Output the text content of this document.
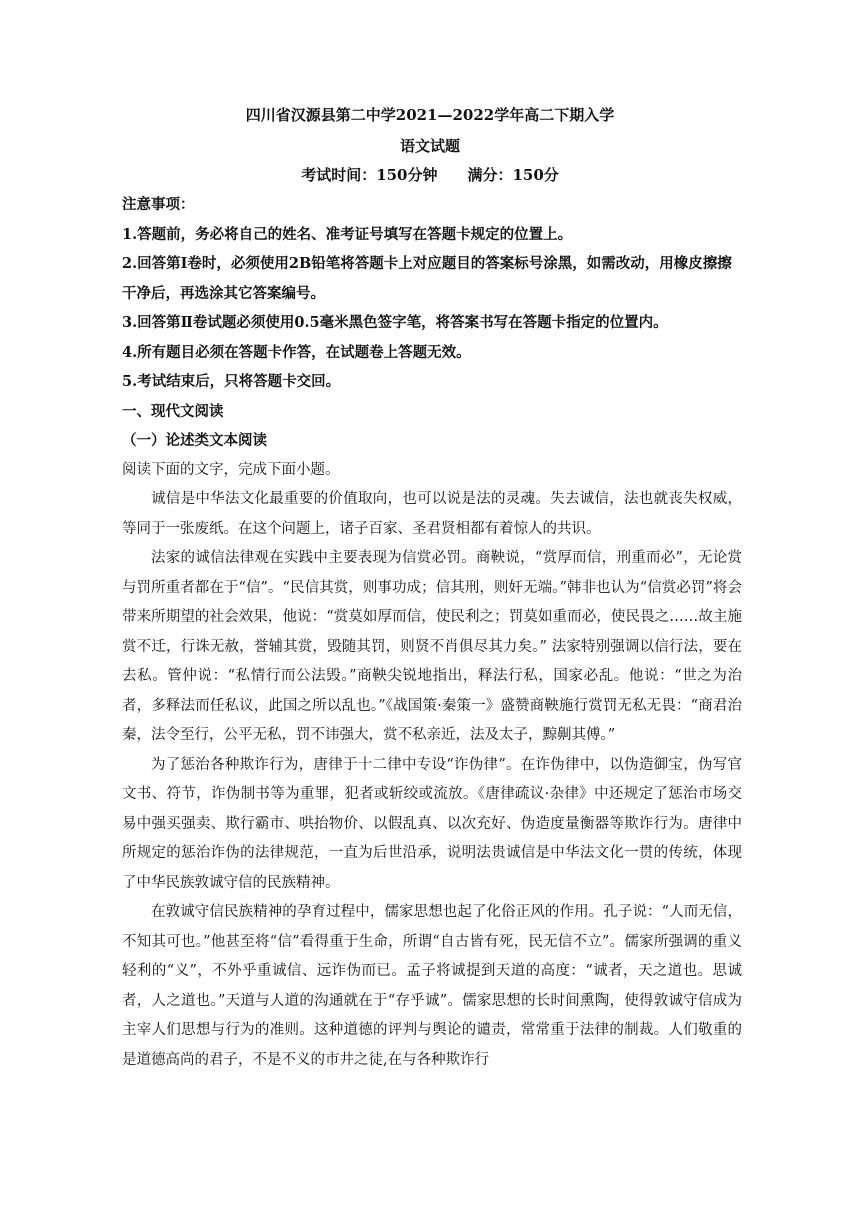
四川省汉源县第二中学2021—2022学年高二下期入学
语文试题
考试时间：150分钟 满分：150分

注意事项：

1.答题前，务必将自己的姓名、准考证号填写在答题卡规定的位置上。

2.回答第Ⅰ卷时，必须使用2B铅笔将答题卡上对应题目的答案标号涂黑，如需改动，用橡皮擦擦干净后，再选涂其它答案编号。

3.回答第Ⅱ卷试题必须使用0.5毫米黑色签字笔，将答案书写在答题卡指定的位置内。

4.所有题目必须在答题卡作答，在试题卷上答题无效。

5.考试结束后，只将答题卡交回。

一、现代文阅读

（一）论述类文本阅读

阅读下面的文字，完成下面小题。

诚信是中华法文化最重要的价值取向，也可以说是法的灵魂。失去诚信，法也就丧失权威，等同于一张废纸。在这个问题上，诸子百家、圣君贤相都有着惊人的共识。

法家的诚信法律观在实践中主要表现为信赏必罚。商鞅说，“赏厚而信，刑重而必”，无论赏与罚所重者都在于“信”。“民信其赏，则事功成；信其刑，则奸无端。”韩非也认为“信赏必罚”将会带来所期望的社会效果，他说：“赏莫如厚而信，使民利之；罚莫如重而必，使民畏之……故主施赏不迁，行诛无赦，誉辅其赏，毁随其罚，则贤不肖俱尽其力矣。” 法家特别强调以信行法，要在去私。管仲说：“私情行而公法毁。”商鞅尖锐地指出，释法行私，国家必乱。他说：“世之为治者，多释法而任私议，此国之所以乱也。”《战国策·秦策一》盛赞商鞅施行赏罚无私无畏：“商君治秦，法令至行，公平无私，罚不讳强大，赏不私亲近，法及太子，黥劓其傅。”

为了惩治各种欺诈行为，唐律于十二律中专设“诈伪律”。在诈伪律中，以伪造御宝，伪写官文书、符节，诈伪制书等为重罪，犯者或斩绞或流放。《唐律疏议·杂律》中还规定了惩治市场交易中强买强卖、欺行霸市、哄抬物价、以假乱真、以次充好、伪造度量衡器等欺诈行为。唐律中所规定的惩治诈伪的法律规范，一直为后世沿承，说明法贵诚信是中华法文化一贯的传统，体现了中华民族敦诚守信的民族精神。

在敦诚守信民族精神的孕育过程中，儒家思想也起了化俗正风的作用。孔子说：“人而无信，不知其可也。”他甚至将“信”看得重于生命，所谓“自古皆有死，民无信不立”。儒家所强调的重义轻利的“义”，不外乎重诚信、远诈伪而已。孟子将诚提到天道的高度：“诚者，天之道也。思诚者，人之道也。”天道与人道的沟通就在于“存乎诚”。儒家思想的长时间熏陶，使得敦诚守信成为主宰人们思想与行为的准则。这种道德的评判与舆论的谴责，常常重于法律的制裁。人们敬重的是道德高尚的君子，不是不义的市井之徒,在与各种欺诈行
